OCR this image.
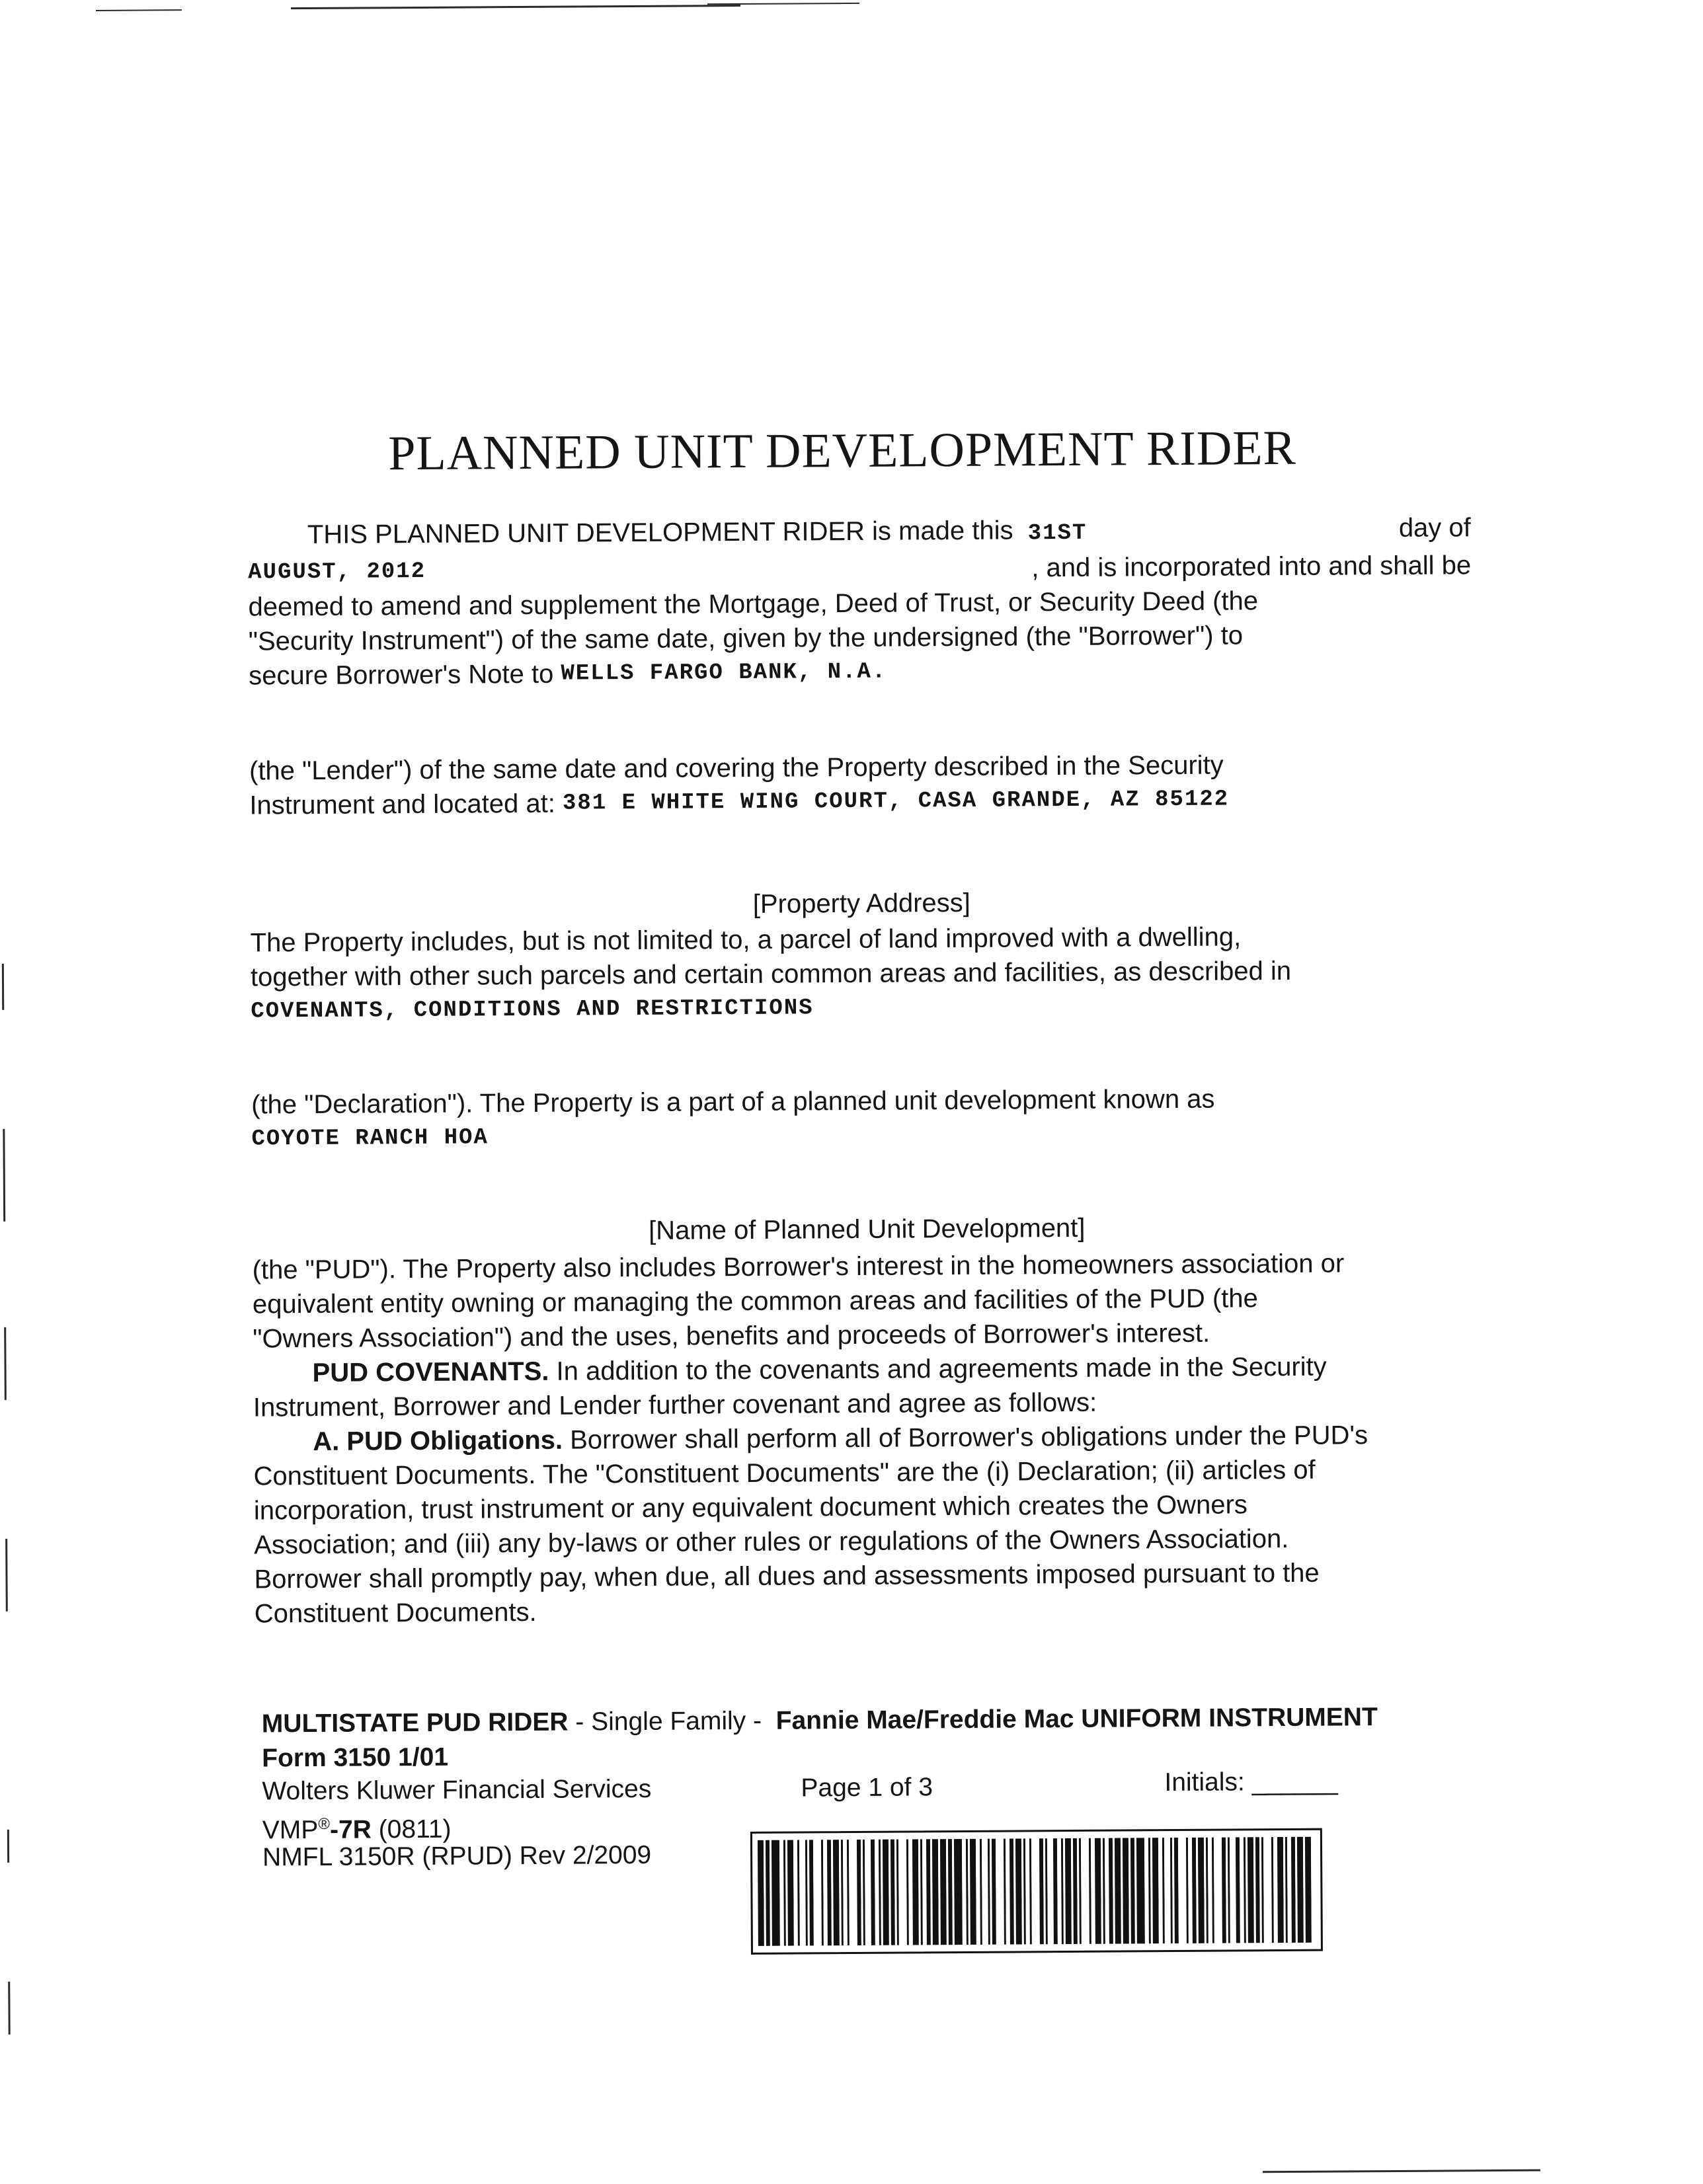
PLANNED UNIT DEVELOPMENT RIDER
THIS PLANNED UNIT DEVELOPMENT RIDER is made this 31ST	day of
AUGUST, 2012	, and is incorporated into and shall be
deemed to amend and supplement the Mortgage, Deed of Trust, or Security Deed (the
"Security Instrument") of the same date, given by the undersigned (the "Borrower") to
secure Borrower's Note to
WELLS FARGO BANK, N.A.
(the "Lender") of the same date and covering the Property described in the Security
Instrument and located at:
381 E WHITE WING COURT, CASA GRANDE, AZ 85122
[Property Address]
The Property includes, but is not limited to, a parcel of land improved with a dwelling,
together with other such parcels and certain common areas and facilities, as described in
COVENANTS, CONDITIONS AND RESTRICTIONS
(the "Declaration"). The Property is a part of a planned unit development known as
COYOTE RANCH HOA
[Name of Planned Unit Development]
(the "PUD"). The Property also includes Borrower's interest in the homeowners association or
equivalent entity owning or managing the common areas and facilities of the PUD (the
"Owners Association") and the uses, benefits and proceeds of Borrower's interest.
PUD COVENANTS. In addition to the covenants and agreements made in the Security
Instrument, Borrower and Lender further covenant and agree as follows:
A. PUD Obligations. Borrower shall perform all of Borrower's obligations under the PUD's
Constituent Documents. The "Constituent Documents" are the (i) Declaration; (ii) articles of
incorporation, trust instrument or any equivalent document which creates the Owners
Association; and (iii) any by-laws or other rules or regulations of the Owners Association.
Borrower shall promptly pay, when due, all dues and assessments imposed pursuant to the
Constituent Documents.
MULTISTATE PUD RIDER - Single Family - Fannie Mae/Freddie Mac UNIFORM INSTRUMENT
Form 3150 1/01
Wolters Kluwer Financial Services	Page 1 of 3	Initials: ______
VMP®-7R (0811)
NMFL 3150R (RPUD) Rev 2/2009
